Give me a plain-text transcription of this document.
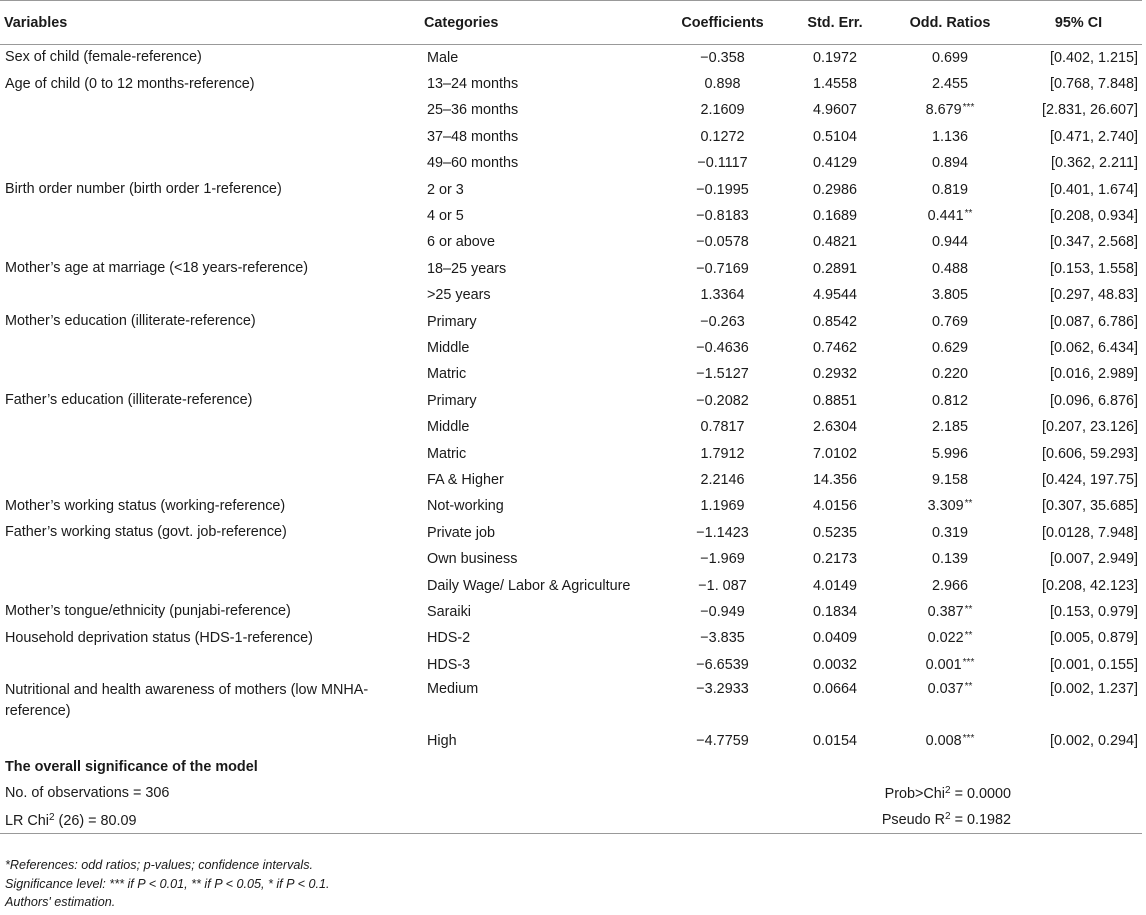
Variables	Categories	Coefficients	Std. Err.	Odd. Ratios	95% CI
Sex of child (female-reference)	Male	−0.358	0.1972	0.699	[0.402, 1.215]
Age of child (0 to 12 months-reference)	13–24 months	0.898	1.4558	2.455	[0.768, 7.848]
	25–36 months	2.1609	4.9607	8.679***	[2.831, 26.607]
	37–48 months	0.1272	0.5104	1.136	[0.471, 2.740]
	49–60 months	−0.1117	0.4129	0.894	[0.362, 2.211]
Birth order number (birth order 1-reference)	2 or 3	−0.1995	0.2986	0.819	[0.401, 1.674]
	4 or 5	−0.8183	0.1689	0.441**	[0.208, 0.934]
	6 or above	−0.0578	0.4821	0.944	[0.347, 2.568]
Mother’s age at marriage (<18 years-reference)	18–25 years	−0.7169	0.2891	0.488	[0.153, 1.558]
	>25 years	1.3364	4.9544	3.805	[0.297, 48.83]
Mother’s education (illiterate-reference)	Primary	−0.263	0.8542	0.769	[0.087, 6.786]
	Middle	−0.4636	0.7462	0.629	[0.062, 6.434]
	Matric	−1.5127	0.2932	0.220	[0.016, 2.989]
Father’s education (illiterate-reference)	Primary	−0.2082	0.8851	0.812	[0.096, 6.876]
	Middle	0.7817	2.6304	2.185	[0.207, 23.126]
	Matric	1.7912	7.0102	5.996	[0.606, 59.293]
	FA & Higher	2.2146	14.356	9.158	[0.424, 197.75]
Mother’s working status (working-reference)	Not-working	1.1969	4.0156	3.309**	[0.307, 35.685]
Father’s working status (govt. job-reference)	Private job	−1.1423	0.5235	0.319	[0.0128, 7.948]
	Own business	−1.969	0.2173	0.139	[0.007, 2.949]
	Daily Wage/ Labor & Agriculture	−1. 087	4.0149	2.966	[0.208, 42.123]
Mother’s tongue/ethnicity (punjabi-reference)	Saraiki	−0.949	0.1834	0.387**	[0.153, 0.979]
Household deprivation status (HDS-1-reference)	HDS-2	−3.835	0.0409	0.022**	[0.005, 0.879]
	HDS-3	−6.6539	0.0032	0.001***	[0.001, 0.155]
Nutritional and health awareness of mothers (low MNHA-reference)	Medium	−3.2933	0.0664	0.037**	[0.002, 1.237]
	High	−4.7759	0.0154	0.008***	[0.002, 0.294]
The overall significance of the model					
No. of observations = 306		Prob>Chi$^2$ = 0.0000			
LR Chi$^2$ (26) = 80.09		Pseudo $R^2 = 0.1982$			
*References: odd ratios; p-values; confidence intervals.
Significance level: *** if P < 0.01, ** if P < 0.05, * if P < 0.1.
Authors' estimation.
